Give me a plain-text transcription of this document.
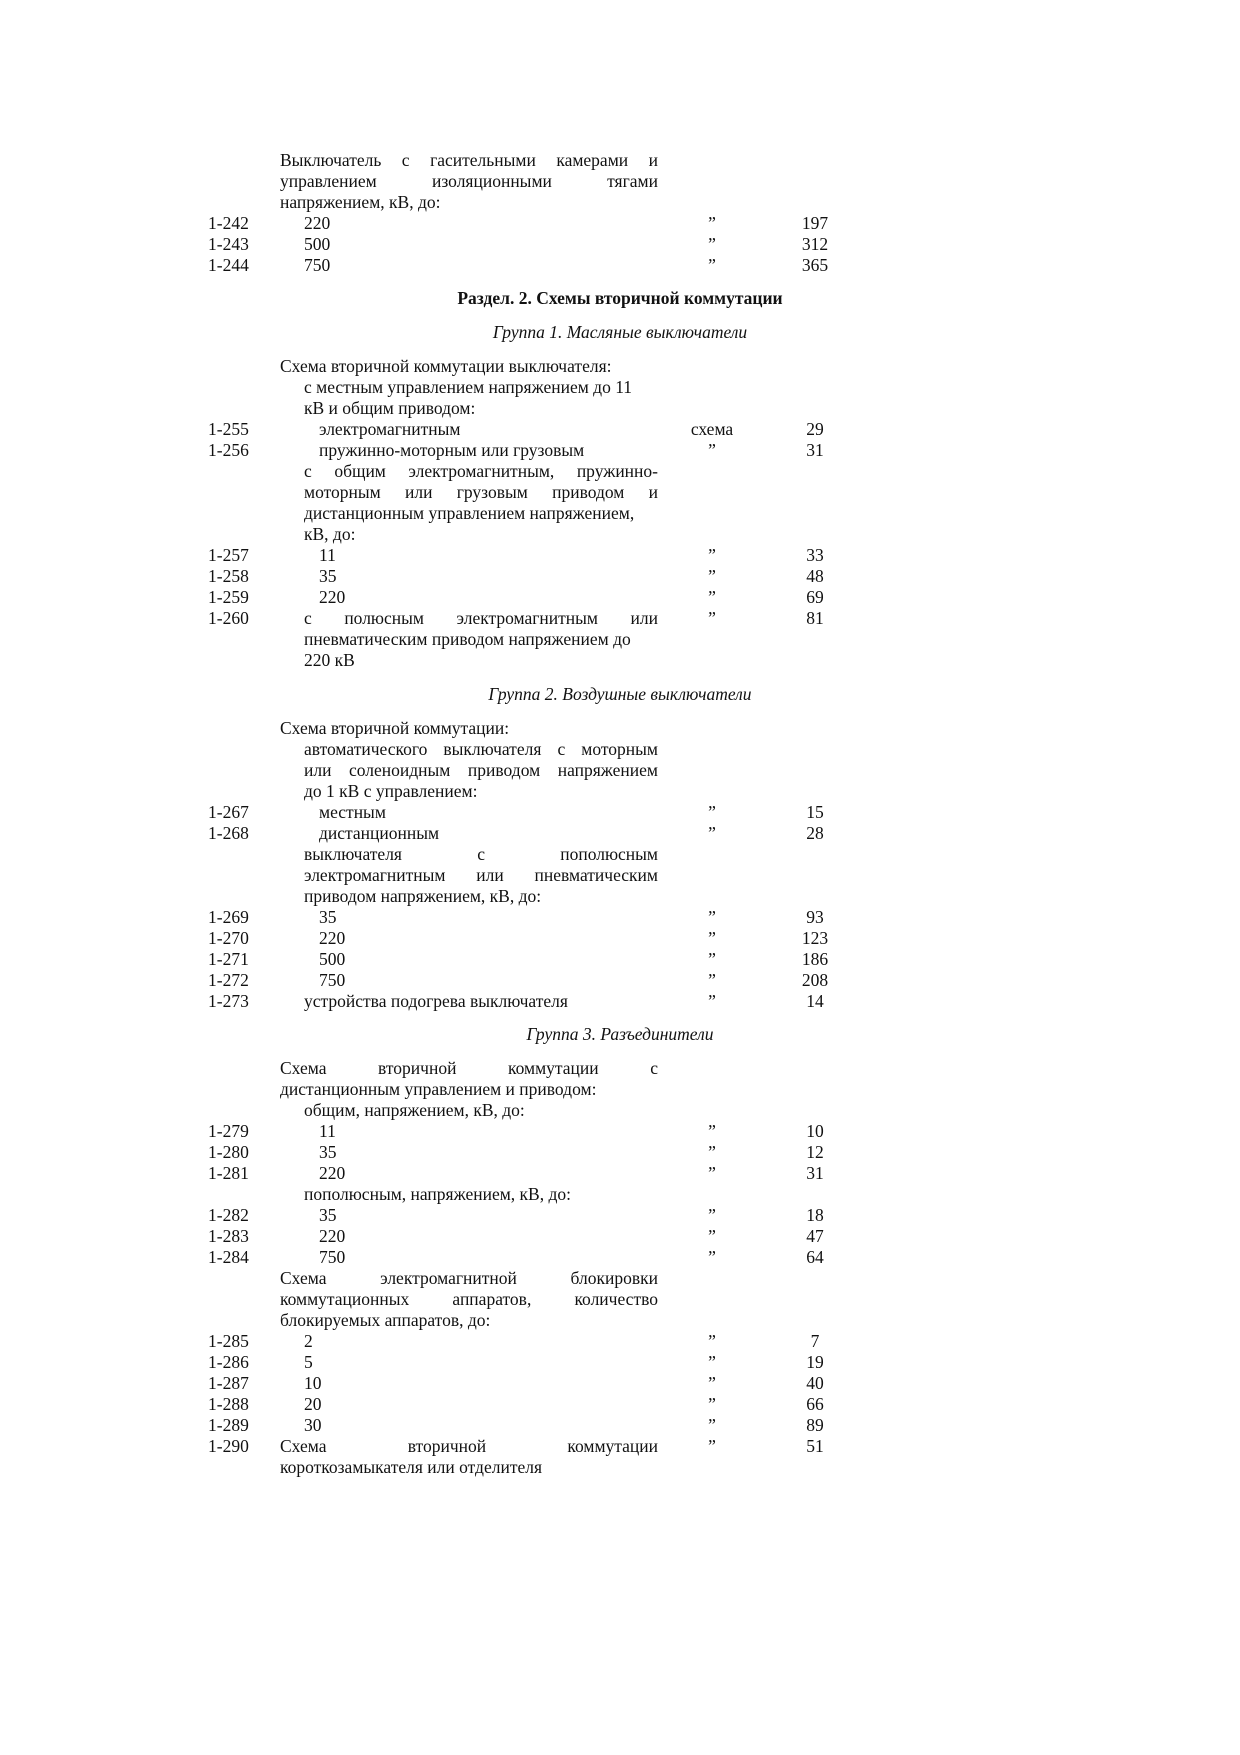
Выключатель с гасительными камерами и
управлением изоляционными тягами
напряжением, кВ, до:
1-242	220	”	197
1-243	500	”	312
1-244	750	”	365
Раздел. 2. Схемы вторичной коммутации
Группа 1. Масляные выключатели
Схема вторичной коммутации выключателя:
с местным управлением напряжением до 11
кВ и общим приводом:
1-255	электромагнитным	схема	29
1-256	пружинно-моторным или грузовым	”	31
с общим электромагнитным, пружинно-
моторным или грузовым приводом и
дистанционным управлением напряжением,
кВ, до:
1-257	11	”	33
1-258	35	”	48
1-259	220	”	69
1-260	с полюсным электромагнитным или	”	81
пневматическим приводом напряжением до
220 кВ
Группа 2. Воздушные выключатели
Схема вторичной коммутации:
автоматического выключателя с моторным
или соленоидным приводом напряжением
до 1 кВ с управлением:
1-267	местным	”	15
1-268	дистанционным	”	28
выключателя с пополюсным
электромагнитным или пневматическим
приводом напряжением, кВ, до:
1-269	35	”	93
1-270	220	”	123
1-271	500	”	186
1-272	750	”	208
1-273	устройства подогрева выключателя	”	14
Группа 3. Разъединители
Схема вторичной коммутации с
дистанционным управлением и приводом:
общим, напряжением, кВ, до:
1-279	11	”	10
1-280	35	”	12
1-281	220	”	31
пополюсным, напряжением, кВ, до:
1-282	35	”	18
1-283	220	”	47
1-284	750	”	64
Схема электромагнитной блокировки
коммутационных аппаратов, количество
блокируемых аппаратов, до:
1-285	2	”	7
1-286	5	”	19
1-287	10	”	40
1-288	20	”	66
1-289	30	”	89
1-290 Схема вторичной коммутации	”	51
короткозамыкателя или отделителя
